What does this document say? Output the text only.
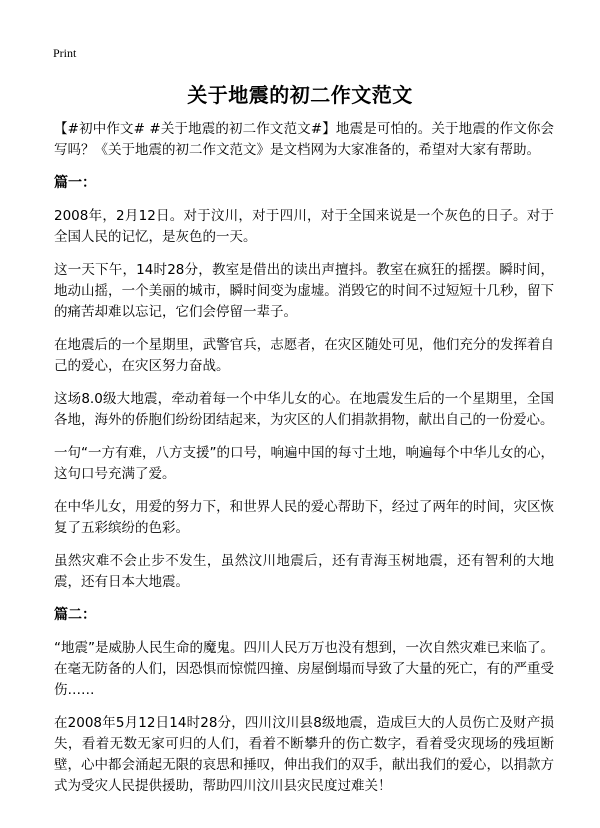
Print
关于地震的初二作文范文

【#初中作文# #关于地震的初二作文范文#】地震是可怕的。关于地震的作文你会写吗？《关于地震的初二作文范文》是文档网为大家准备的，希望对大家有帮助。

篇一：

2008年，2月12日。对于汶川，对于四川，对于全国来说是一个灰色的日子。对于全国人民的记忆，是灰色的一天。

这一天下午，14时28分，教室是借出的读出声擅抖。教室在疯狂的摇摆。瞬时间，地动山摇，一个美丽的城市，瞬时间变为虚墟。消毁它的时间不过短短十几秒，留下的痛苦却难以忘记，它们会停留一辈子。

在地震后的一个星期里，武警官兵，志愿者，在灾区随处可见，他们充分的发挥着自己的爱心，在灾区努力奋战。

这场8.0级大地震，牵动着每一个中华儿女的心。在地震发生后的一个星期里，全国各地，海外的侨胞们纷纷团结起来，为灾区的人们捐款捐物，献出自己的一份爱心。

一句“一方有难，八方支援”的口号，响遍中国的每寸土地，响遍每个中华儿女的心，这句口号充满了爱。

在中华儿女，用爱的努力下，和世界人民的爱心帮助下，经过了两年的时间，灾区恢复了五彩缤纷的色彩。

虽然灾难不会止步不发生，虽然汶川地震后，还有青海玉树地震，还有智利的大地震，还有日本大地震。

篇二：

“地震”是威胁人民生命的魔鬼。四川人民万万也没有想到，一次自然灾难已来临了。在毫无防备的人们，因恐惧而惊慌四撞、房屋倒塌而导致了大量的死亡，有的严重受伤……

在2008年5月12日14时28分，四川汶川县8级地震，造成巨大的人员伤亡及财产损失，看着无数无家可归的人们，看着不断攀升的伤亡数字，看着受灾现场的残垣断壁，心中都会涌起无限的哀思和捶叹，伸出我们的双手，献出我们的爱心，以捐款方式为受灾人民提供援助，帮助四川汶川县灾民度过难关！
